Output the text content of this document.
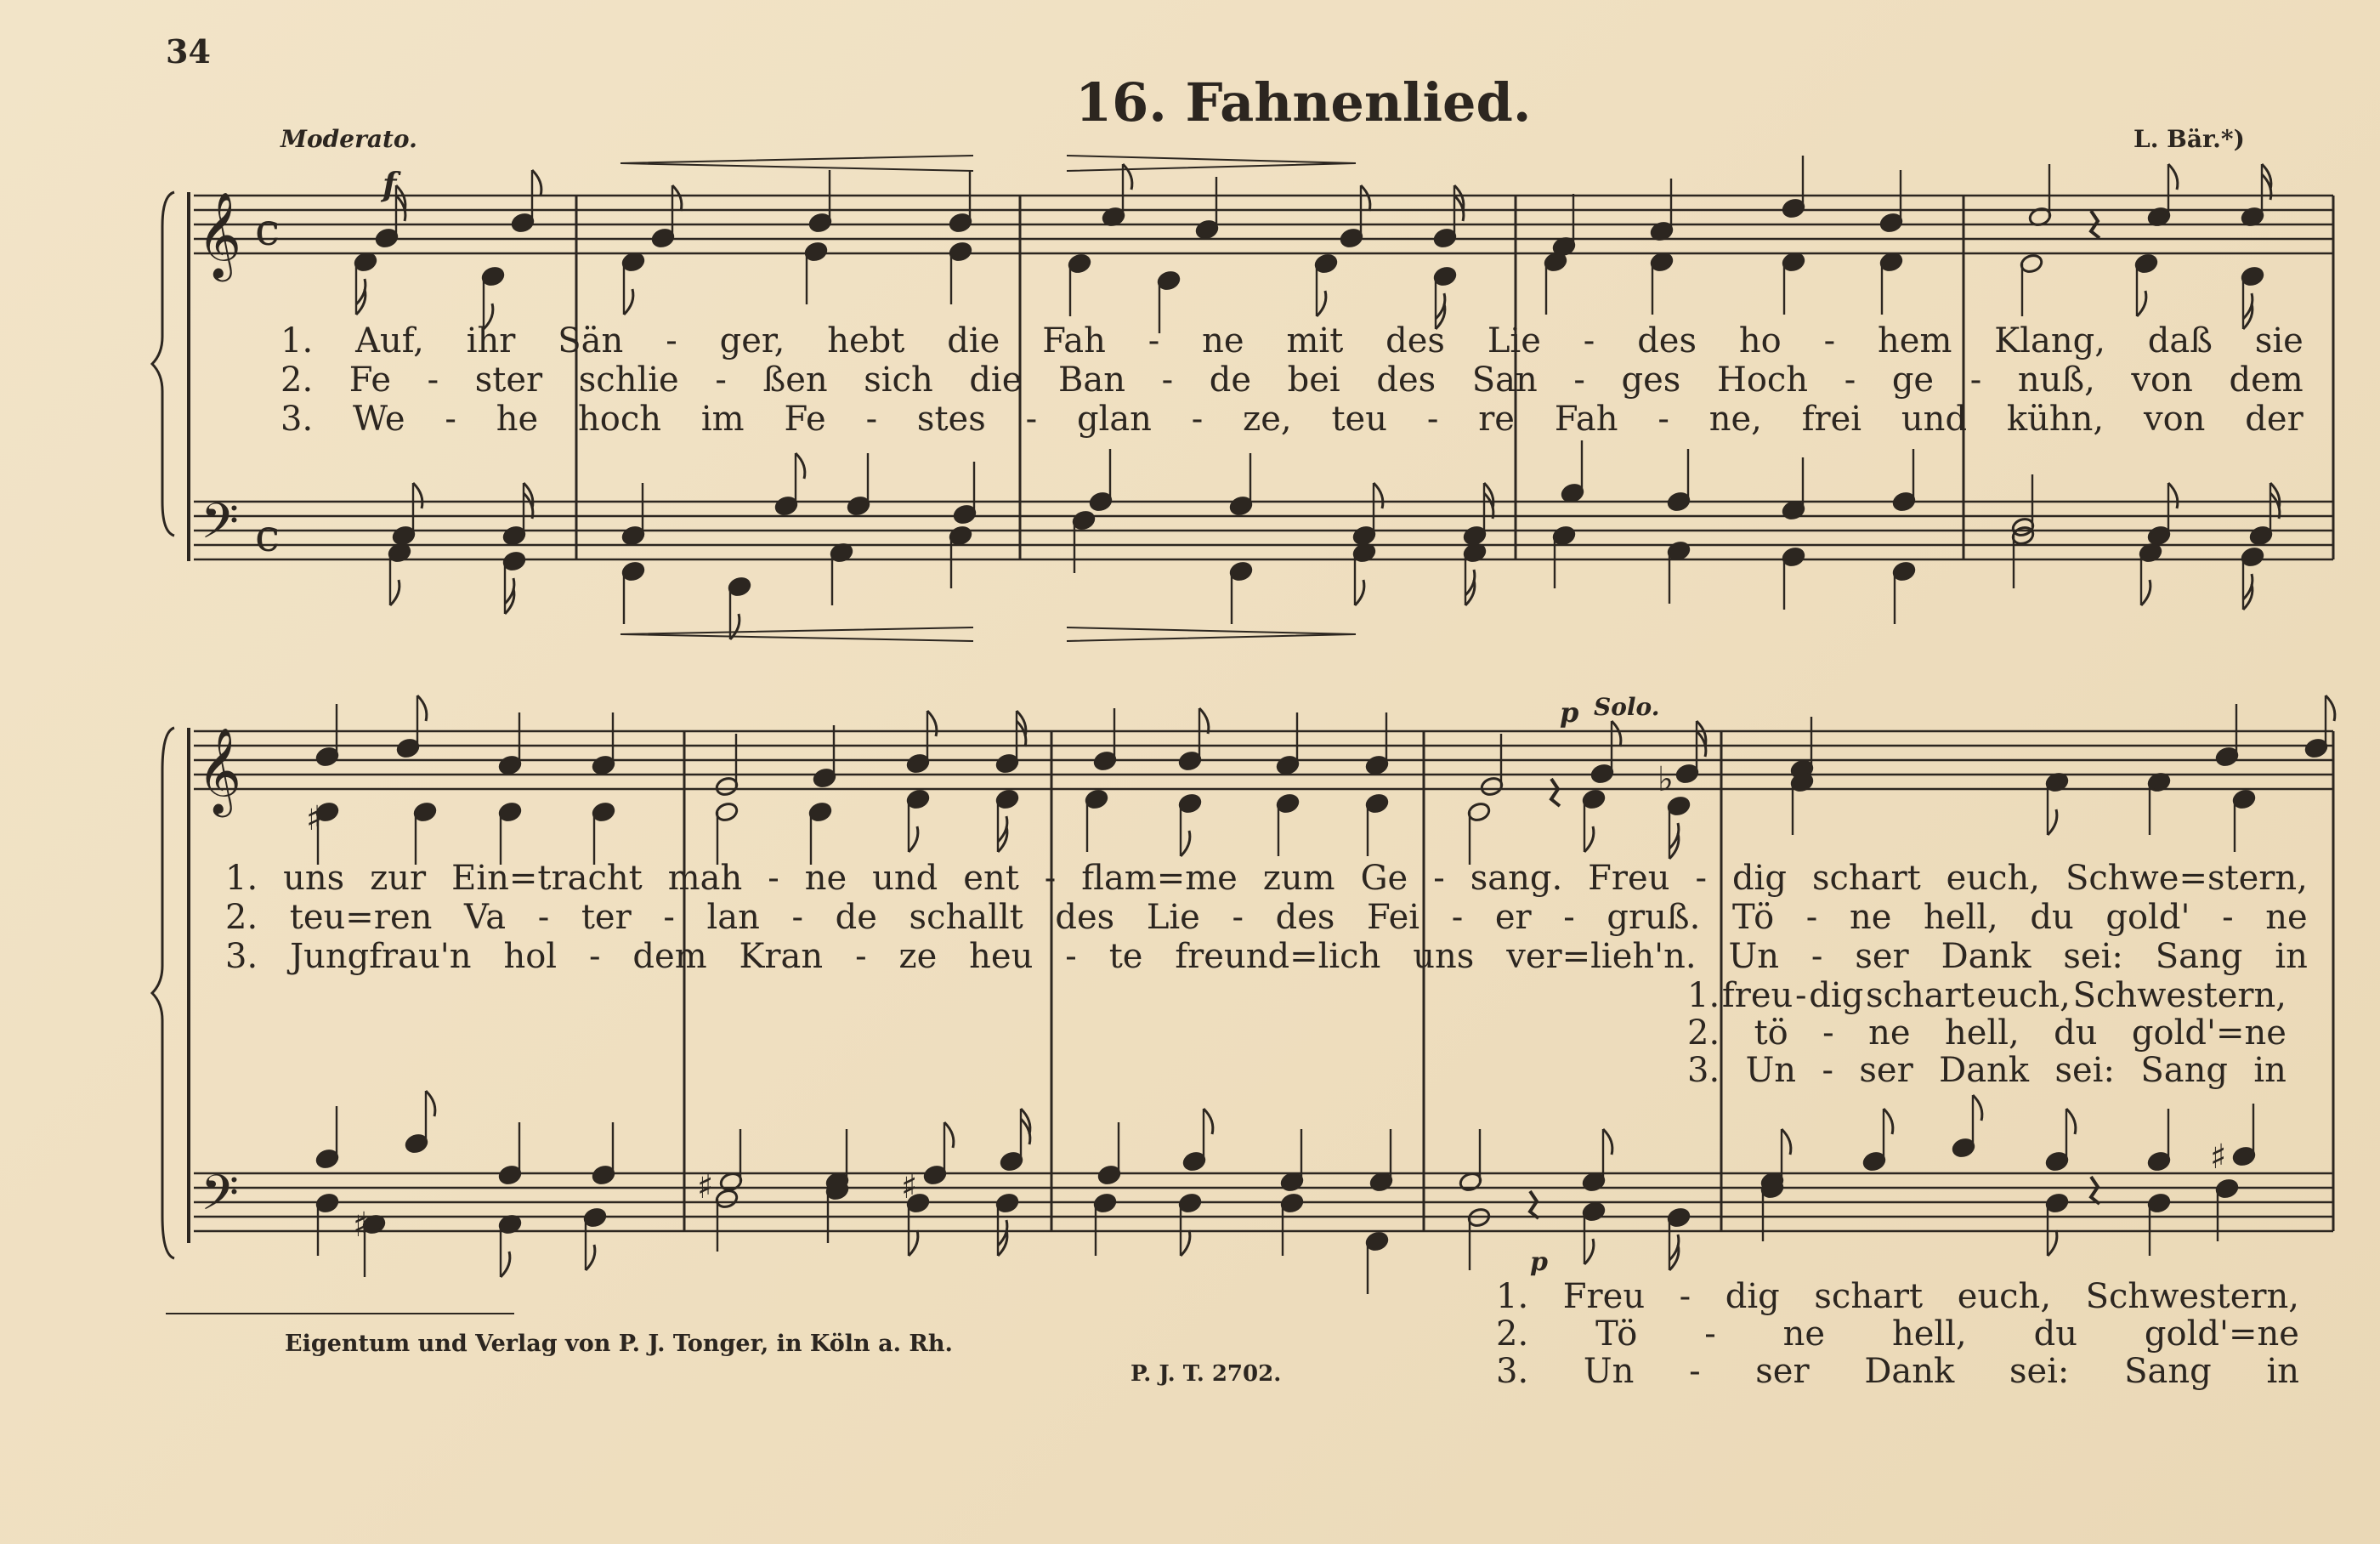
𝄞
𝄢
c
c
𝄞
𝄢
♯
♯	♯
♯
♯
♭
34
16. Fahnenlied.
Moderato.	L. Bär.*)
f
p Solo.
p
1. Auf, ihr Sän - ger, hebt die Fah - ne mit des Lie - des ho - hem Klang, daß sie
2. Fe - ster schlie - ßen sich die Ban - de bei des San - ges Hoch - ge - nuß, von dem
3. We - he hoch im Fe - stes - glan - ze, teu - re Fah - ne, frei und kühn, von der
1. uns zur Ein=tracht mah - ne und ent - flam=me zum Ge - sang. Freu - dig schart euch, Schwe=stern,
2. teu=ren Va - ter - lan - de schallt des Lie - des Fei - er - gruß. Tö - ne hell, du gold' - ne
3. Jungfrau'n hol - dem Kran - ze heu - te freund=lich uns ver=lieh'n. Un - ser Dank sei: Sang in
1. freu - dig schart euch, Schwestern,
2. tö - ne hell, du gold'=ne
3. Un - ser Dank sei: Sang in
1. Freu - dig schart euch, Schwestern,
2. Tö - ne hell, du gold'=ne
3. Un - ser Dank sei: Sang in
Eigentum und Verlag von P. J. Tonger, in Köln a. Rh.
P. J. T. 2702.
